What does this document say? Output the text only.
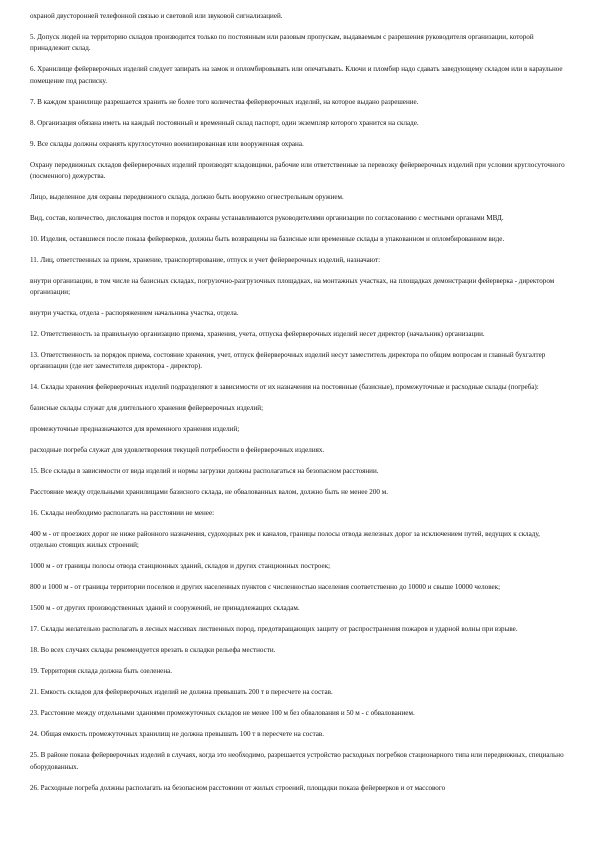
охраной двусторонней телефонной связью и световой или звуковой сигнализацией.

5. Допуск людей на территорию складов производится только по постоянным или разовым пропускам, выдаваемым с разрешения руководителя организации, которой принадлежит склад.

6. Хранилище фейерверочных изделий следует запирать на замок и опломбировывать или опечатывать. Ключи и пломбир надо сдавать заведующему складом или в караульное помещение под расписку.

7. В каждом хранилище разрешается хранить не более того количества фейерверочных изделий, на которое выдано разрешение.

8. Организация обязана иметь на каждый постоянный и временный склад паспорт, один экземпляр которого хранится на складе.

9. Все склады должны охранять круглосуточно военизированная или вооруженная охрана.

Охрану передвижных складов фейерверочных изделий производят кладовщики, рабочие или ответственные за перевозку фейерверочных изделий при условии круглосуточного (посменного) дежурства.

Лицо, выделенное для охраны передвижного склада, должно быть вооружено огнестрельным оружием.

Вид, состав, количество, дислокация постов и порядок охраны устанавливаются руководителями организации по согласованию с местными органами МВД.

10. Изделия, оставшиеся после показа фейерверков, должны быть возвращены на базисные или временные склады в упакованном и опломбированном виде.

11. Лиц, ответственных за прием, хранение, транспортирование, отпуск и учет фейерверочных изделий, назначают:

внутри организации, в том числе на базисных складах, погрузочно-разгрузочных площадках, на монтажных участках, на площадках демонстрации фейерверка - директором организации;

внутри участка, отдела - распоряжением начальника участка, отдела.

12. Ответственность за правильную организацию приема, хранения, учета, отпуска фейерверочных изделий несет директор (начальник) организации.

13. Ответственность за порядок приема, состояние хранения, учет, отпуск фейерверочных изделий несут заместитель директора по общим вопросам и главный бухгалтер организации (где нет заместителя директора - директор).

14. Склады хранения фейерверочных изделий подразделяют в зависимости от их назначения на постоянные (базисные), промежуточные и расходные склады (погреба):

базисные склады служат для длительного хранения фейерверочных изделий;

промежуточные предназначаются для временного хранения изделий;

расходные погреба служат для удовлетворения текущей потребности в фейерверочных изделиях.

15. Все склады в зависимости от вида изделий и нормы загрузки должны располагаться на безопасном расстоянии.

Расстояние между отдельными хранилищами базисного склада, не обвалованных валом, должно быть не менее 200 м.

16. Склады необходимо располагать на расстоянии не менее:

400 м - от проезжих дорог не ниже районного назначения, судоходных рек и каналов, границы полосы отвода железных дорог за исключением путей, ведущих к складу, отдельно стоящих жилых строений;

1000 м - от границы полосы отвода станционных зданий, складов и других станционных построек;

800 и 1000 м - от границы территории поселков и других населенных пунктов с численностью населения соответственно до 10000 и свыше 10000 человек;

1500 м - от других производственных зданий и сооружений, не принадлежащих складам.

17. Склады желательно располагать в лесных массивах лиственных пород, предотвращающих защиту от распространения пожаров и ударной волны при взрыве.

18. Во всех случаях склады рекомендуется врезать в складки рельефа местности.

19. Территория склада должна быть озеленена.

21. Емкость складов для фейерверочных изделий не должна превышать 200 т в пересчете на состав.

23. Расстояние между отдельными зданиями промежуточных складов не менее 100 м без обвалования и 50 м - с обвалованием.

24. Общая емкость промежуточных хранилищ не должна превышать 100 т в пересчете на состав.

25. В районе показа фейерверочных изделий в случаях, когда это необходимо, разрешается устройство расходных погребков стационарного типа или передвижных, специально оборудованных.

26. Расходные погреба должны располагать на безопасном расстоянии от жилых строений, площадки показа фейерверков и от массового
